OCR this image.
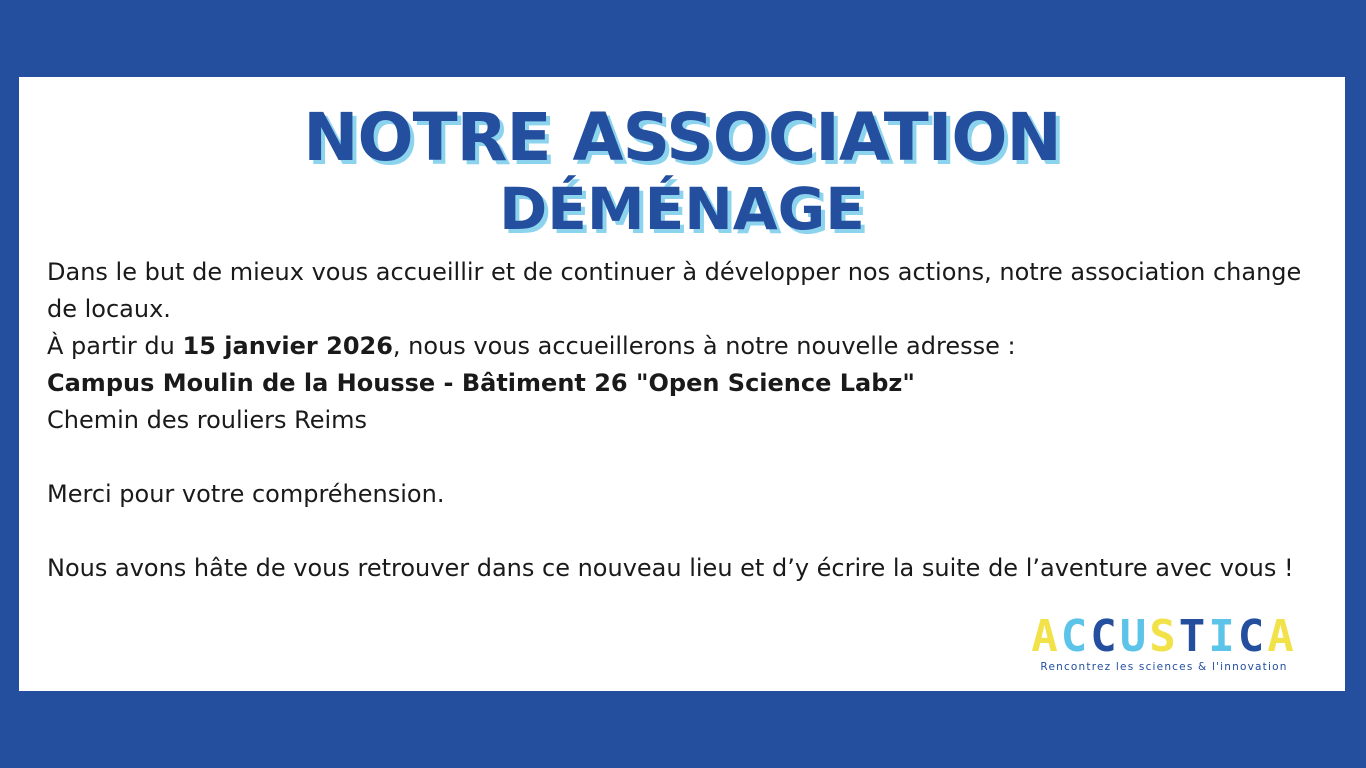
NOTRE ASSOCIATION
DÉMÉNAGE

Dans le but de mieux vous accueillir et de continuer à développer nos actions, notre association change de locaux.

À partir du 15 janvier 2026, nous vous accueillerons à notre nouvelle adresse :

Campus Moulin de la Housse - Bâtiment 26 "Open Science Labz"

Chemin des rouliers Reims

Merci pour votre compréhension.

Nous avons hâte de vous retrouver dans ce nouveau lieu et d’y écrire la suite de l’aventure avec vous !

ACCUSTICA
Rencontrez les sciences & l'innovation
